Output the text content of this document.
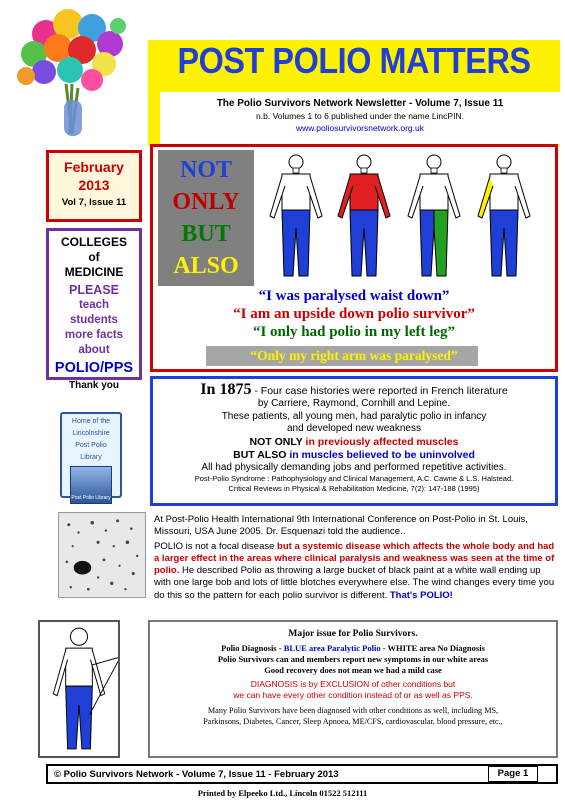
POST POLIO MATTERS
The Polio Survivors Network Newsletter - Volume 7, Issue 11
n.b. Volumes 1 to 6 published under the name LincPIN.
www.poliosurvivorsnetwork.org.uk
February
2013
Vol 7, Issue 11
COLLEGES
of
MEDICINE
PLEASE
teach
students
more facts
about
POLIO/PPS
Thank you
Home of the
Lincolnshire
Post Polio
Library
Post Polio Library
NOT
ONLY
BUT
ALSO
“I was paralysed waist down”
“I am an upside down polio survivor”
“I only had polio in my left leg”
“Only my right arm was paralysed”
In 1875 - Four case histories were reported in French literature
by Carriere, Raymond, Cornhill and Lepine.
These patients, all young men, had paralytic polio in infancy
and developed new weakness
NOT ONLY in previously affected muscles
BUT ALSO in muscles believed to be uninvolved
All had physically demanding jobs and performed repetitive activities.
Post-Polio Syndrome : Pathophysiology and Clinical Management, A.C. Cawne & L.S. Halstead.
Critical Reviews in Physical & Rehabilitation Medicine, 7(2): 147-188 (1995)
At Post-Polio Health International 9th International Conference on Post-Polio in St. Louis, Missouri, USA June 2005. Dr. Esquenazi told the audience..
POLIO is not a focal disease but a systemic disease which affects the whole body and had a larger effect in the areas where clinical paralysis and weakness was seen at the time of polio. He described Polio as throwing a large bucket of black paint at a white wall ending up with one large bob and lots of little blotches everywhere else. The wind changes every time you do this so the pattern for each polio survivor is different. That's POLIO!
Major issue for Polio Survivors.
Polio Diagnosis - BLUE area Paralytic Polio - WHITE area No Diagnosis
Polio Survivors can and members report new symptoms in our white areas
Good recovery does not mean we had a mild case
DIAGNOSIS is by EXCLUSION of other conditions but
we can have every other condition instead of or as well as PPS.
Many Polio Survivors have been diagnosed with other conditions as well, including MS,
Parkinsons, Diabetes, Cancer, Sleep Apnoea, ME/CFS, cardiovascular, blood pressure, etc.,
© Polio Survivors Network - Volume 7, Issue 11 - February 2013	Page 1
Printed by Elpeeko Ltd., Lincoln 01522 512111
